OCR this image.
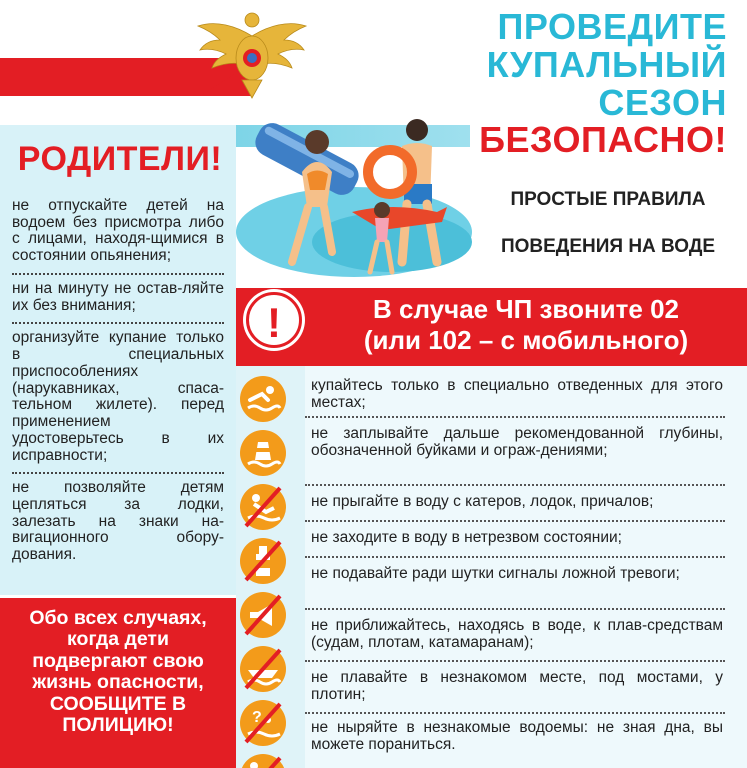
ПРОВЕДИТЕ
КУПАЛЬНЫЙ СЕЗОН
БЕЗОПАСНО!
ПРОСТЫЕ ПРАВИЛА
ПОВЕДЕНИЯ НА ВОДЕ
РОДИТЕЛИ!
не отпускайте детей на водоем без присмотра либо с лицами, находя-щимися в состоянии опьянения;
ни на минуту не остав-ляйте их без внимания;
организуйте купание только в специальных приспособлениях (нарукавниках, спаса-тельном жилете). перед применением удостоверьтесь в их исправности;
не позволяйте детям цепляться за лодки, залезать на знаки на-вигационного обору-дования.
Обо всех случаях, когда дети подвергают свою жизнь опасности, СООБЩИТЕ В ПОЛИЦИЮ!
!	В случае ЧП звоните 02
(или 102 – с мобильного)
?
купайтесь только в специально отведенных для этого местах;
не заплывайте дальше рекомендованной глубины, обозначенной буйками и ограж-дениями;
не прыгайте в воду с катеров, лодок, причалов;
не заходите в воду в нетрезвом состоянии;
не подавайте ради шутки сигналы ложной тревоги;
не приближайтесь, находясь в воде, к плав-средствам (судам, плотам, катамаранам);
не плавайте в незнакомом месте, под мостами, у плотин;
не ныряйте в незнакомые водоемы: не зная дна, вы можете пораниться.
